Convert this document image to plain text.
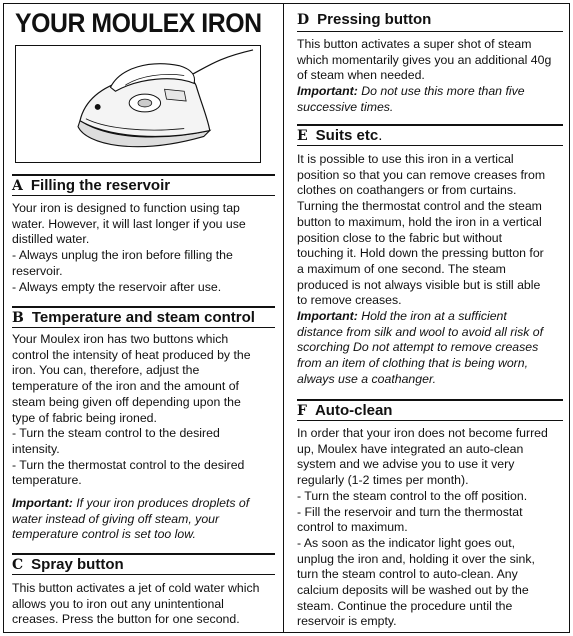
YOUR MOULEX IRON
A Filling the reservoir
Your iron is designed to function using tap
water. However, it will last longer if you use
distilled water.
- Always unplug the iron before filling the
reservoir.
- Always empty the reservoir after use.
B Temperature and steam control
Your Moulex iron has two buttons which
control the intensity of heat produced by the
iron. You can, therefore, adjust the
temperature of the iron and the amount of
steam being given off depending upon the
type of fabric being ironed.
- Turn the steam control to the desired
intensity.
- Turn the thermostat control to the desired
temperature.
Important: If your iron produces droplets of
water instead of giving off steam, your
temperature control is set too low.
C Spray button
This button activates a jet of cold water which
allows you to iron out any unintentional
creases. Press the button for one second.
D Pressing button
This button activates a super shot of steam
which momentarily gives you an additional 40g
of steam when needed.
Important: Do not use this more than five
successive times.
E Suits etc.
It is possible to use this iron in a vertical
position so that you can remove creases from
clothes on coathangers or from curtains.
Turning the thermostat control and the steam
button to maximum, hold the iron in a vertical
position close to the fabric but without
touching it. Hold down the pressing button for
a maximum of one second. The steam
produced is not always visible but is still able
to remove creases.
Important: Hold the iron at a sufficient
distance from silk and wool to avoid all risk of
scorching Do not attempt to remove creases
from an item of clothing that is being worn,
always use a coathanger.
F Auto-clean
In order that your iron does not become furred
up, Moulex have integrated an auto-clean
system and we advise you to use it very
regularly (1-2 times per month).
- Turn the steam control to the off position.
- Fill the reservoir and turn the thermostat
control to maximum.
- As soon as the indicator light goes out,
unplug the iron and, holding it over the sink,
turn the steam control to auto-clean. Any
calcium deposits will be washed out by the
steam. Continue the procedure until the
reservoir is empty.
